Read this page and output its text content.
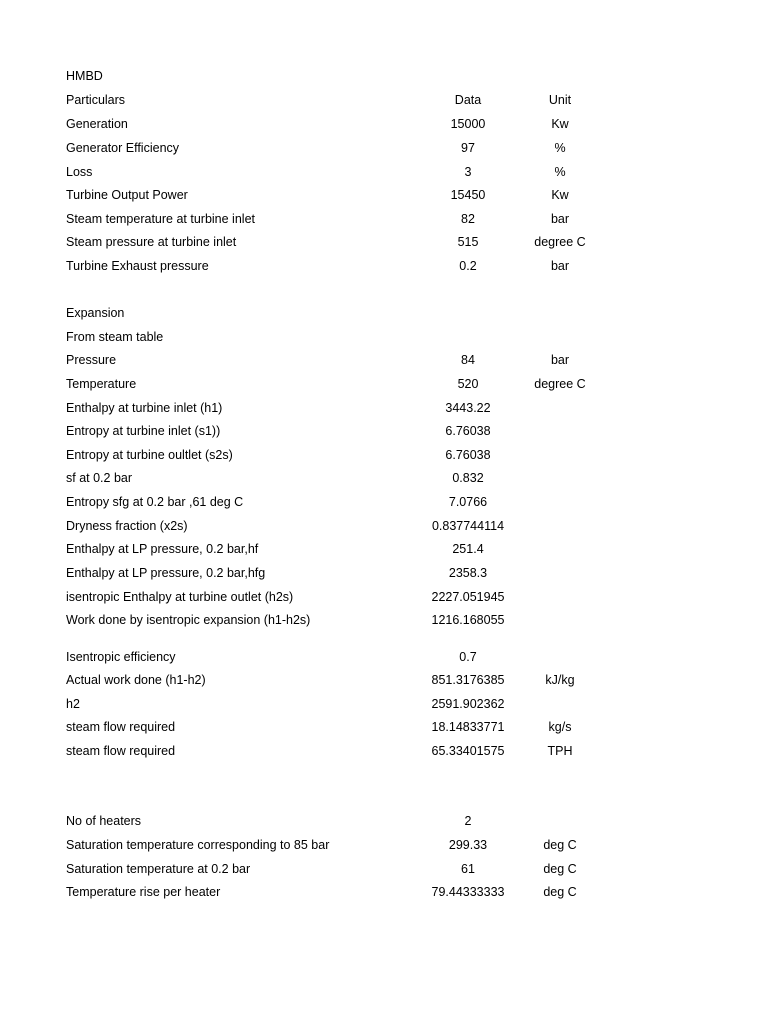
HMBD
Particulars	Data	Unit
Generation	15000	Kw
Generator Efficiency	97	%
Loss	3	%
Turbine Output Power	15450	Kw
Steam temperature at turbine inlet	82	bar
Steam pressure at turbine inlet	515	degree C
Turbine Exhaust pressure	0.2	bar
Expansion
From steam table
Pressure	84	bar
Temperature	520	degree C
Enthalpy at turbine inlet (h1)	3443.22
Entropy at turbine inlet (s1))	6.76038
Entropy at turbine oultlet (s2s)	6.76038
sf at 0.2 bar	0.832
Entropy sfg at 0.2 bar ,61 deg C	7.0766
Dryness fraction (x2s)	0.837744114
Enthalpy at LP pressure, 0.2 bar,hf	251.4
Enthalpy at LP pressure, 0.2 bar,hfg	2358.3
isentropic Enthalpy at turbine outlet (h2s)	2227.051945
Work done by isentropic expansion (h1-h2s)	1216.168055
Isentropic efficiency	0.7
Actual work done (h1-h2)	851.3176385	kJ/kg
h2	2591.902362
steam flow required	18.14833771	kg/s
steam flow required	65.33401575	TPH
No of heaters	2
Saturation temperature corresponding to 85 bar	299.33	deg C
Saturation temperature at 0.2 bar	61	deg C
Temperature rise per heater	79.44333333	deg C
